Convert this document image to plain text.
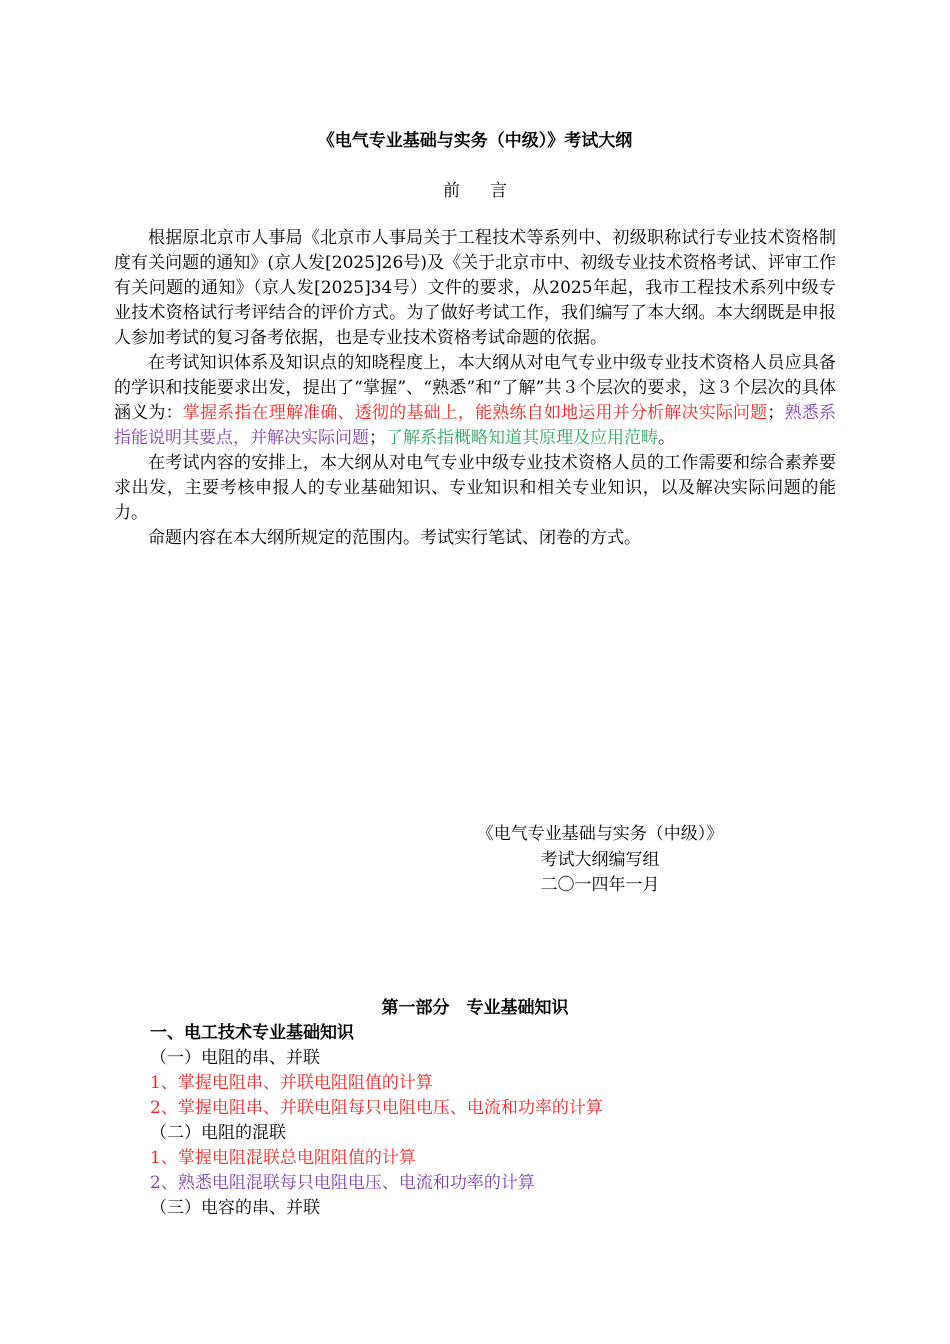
《电气专业基础与实务（中级）》考试大纲
前言

根据原北京市人事局《北京市人事局关于工程技术等系列中、初级职称试行专业技术资格制度有关问题的通知》(京人发[2025]26号)及《关于北京市中、初级专业技术资格考试、评审工作有关问题的通知》（京人发[2025]34号）文件的要求，从2025年起，我市工程技术系列中级专业技术资格试行考评结合的评价方式。为了做好考试工作，我们编写了本大纲。本大纲既是申报人参加考试的复习备考依据，也是专业技术资格考试命题的依据。

在考试知识体系及知识点的知晓程度上，本大纲从对电气专业中级专业技术资格人员应具备的学识和技能要求出发，提出了“掌握”、“熟悉”和“了解”共３个层次的要求，这３个层次的具体涵义为：掌握系指在理解准确、透彻的基础上，能熟练自如地运用并分析解决实际问题；熟悉系指能说明其要点，并解决实际问题；了解系指概略知道其原理及应用范畴。

在考试内容的安排上，本大纲从对电气专业中级专业技术资格人员的工作需要和综合素养要求出发，主要考核申报人的专业基础知识、专业知识和相关专业知识，以及解决实际问题的能力。

命题内容在本大纲所规定的范围内。考试实行笔试、闭卷的方式。

《电气专业基础与实务（中级）》
考试大纲编写组
二〇一四年一月
第一部分　专业基础知识
一、电工技术专业基础知识
（一）电阻的串、并联
1、掌握电阻串、并联电阻阻值的计算
2、掌握电阻串、并联电阻每只电阻电压、电流和功率的计算
（二）电阻的混联
1、掌握电阻混联总电阻阻值的计算
2、熟悉电阻混联每只电阻电压、电流和功率的计算
（三）电容的串、并联
